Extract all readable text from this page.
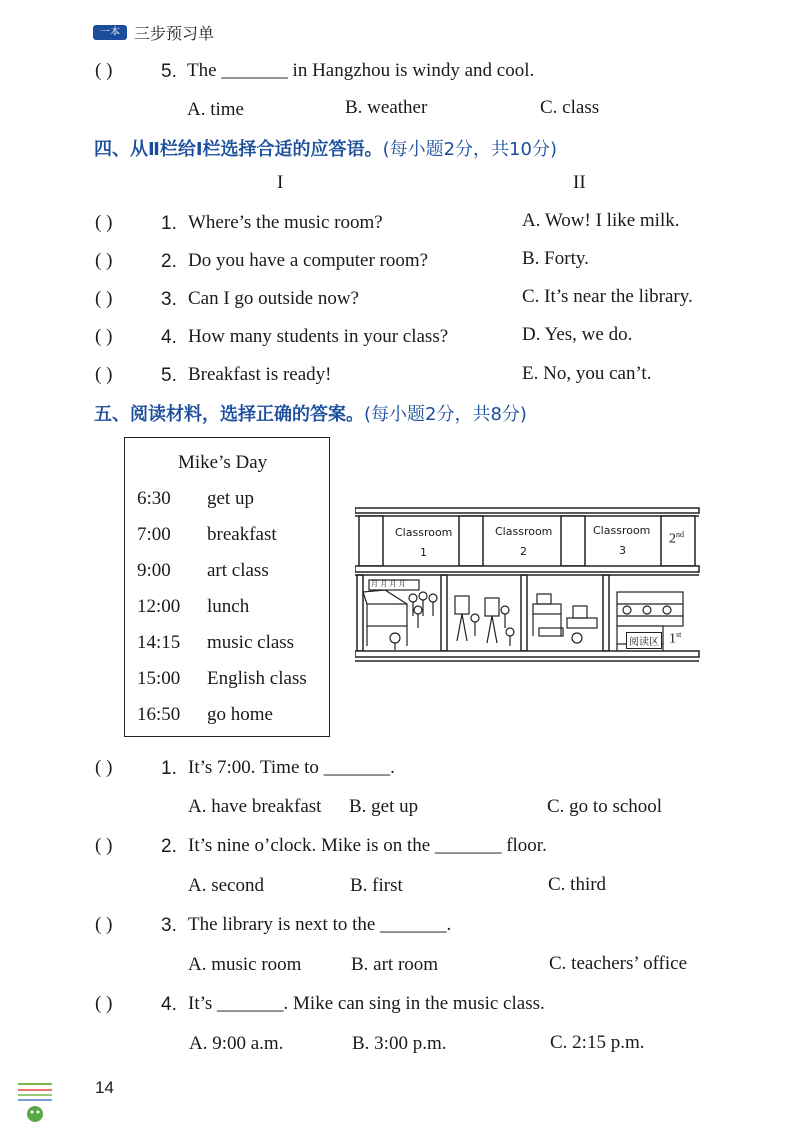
一本 三步预习单
( )	5. The _______ in Hangzhou is windy and cool.
A. time	B. weather	C. class
四、从Ⅱ栏给Ⅰ栏选择合适的应答语。(每小题2分，共10分)
I	II
( )	1. Where’s the music room?	A. Wow! I like milk.
( )	2. Do you have a computer room?	B. Forty.
( )	3. Can I go outside now?	C. It’s near the library.
( )	4. How many students in your class?	D. Yes, we do.
( )	5. Breakfast is ready!	E. No, you can’t.
五、阅读材料，选择正确的答案。(每小题2分，共8分)
Mike’s Day
6:30 get up
7:00 breakfast
9:00 art class
12:00 lunch
14:15 music class
15:00 English class
16:50 go home
Classroom
1
Classroom
2
Classroom
3
2nd
1st
阅读区
月 月 月 月
( )	1. It’s 7:00. Time to _______.
A. have breakfast B. get up	C. go to school
( )	2. It’s nine o’clock. Mike is on the _______ floor.
A. second	B. first	C. third
( )	3. The library is next to the _______.
A. music room	B. art room	C. teachers’ office
( )	4. It’s _______. Mike can sing in the music class.
A. 9:00 a.m.	B. 3:00 p.m.	C. 2:15 p.m.
14
